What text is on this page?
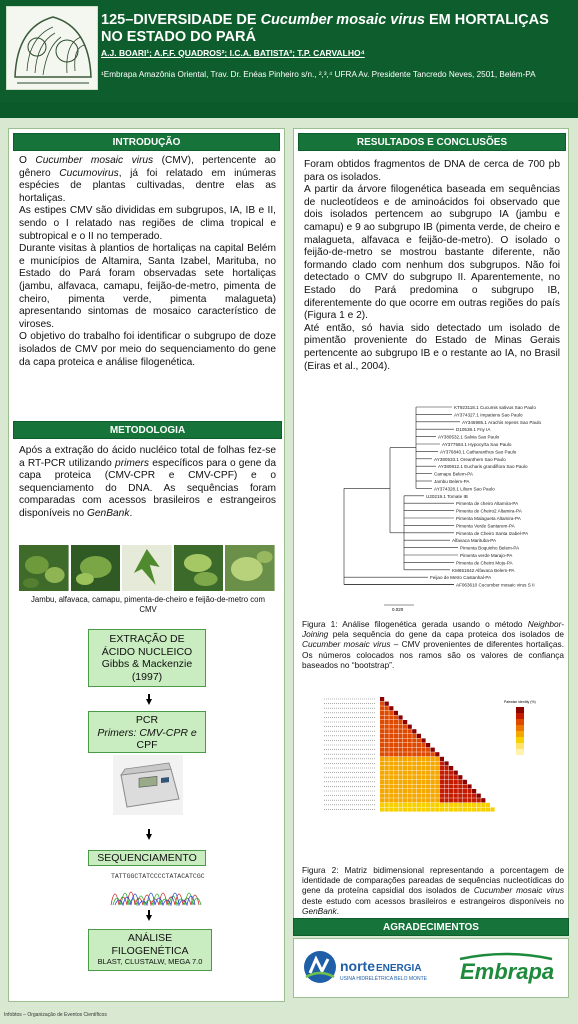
125–DIVERSIDADE DE Cucumber mosaic virus EM HORTALIÇAS NO ESTADO DO PARÁ
A.J. BOARI¹; A.F.F. QUADROS²; I.C.A. BATISTA³; T.P. CARVALHO⁴
¹Embrapa Amazônia Oriental, Trav. Dr. Enéas Pinheiro s/n., ²,³,⁴ UFRA Av. Presidente Tancredo Neves, 2501, Belém-PA
INTRODUÇÃO

O Cucumber mosaic virus (CMV), pertencente ao gênero Cucumovirus, já foi relatado em inúmeras espécies de plantas cultivadas, dentre elas as hortaliças.

As estipes CMV são divididas em subgrupos, IA, IB e II, sendo o I relatado nas regiões de clima tropical e subtropical e o II no temperado.

Durante visitas à plantios de hortaliças na capital Belém e municípios de Altamira, Santa Izabel, Marituba, no Estado do Pará foram observadas sete hortaliças (jambu, alfavaca, camapu, feijão-de-metro, pimenta de cheiro, pimenta verde, pimenta malagueta) apresentando sintomas de mosaico característico de viroses.

O objetivo do trabalho foi identificar o subgrupo de doze isolados de CMV por meio do sequenciamento do gene da capa proteica e análise filogenética.

METODOLOGIA

Após a extração do ácido nucléico total de folhas fez-se a RT-PCR utilizando primers específicos para o gene da capa proteica (CMV-CPR e CMV-CPF) e o sequenciamento do DNA. As sequências foram comparadas com acessos brasileiros e estrangeiros disponíveis no GenBank.

Jambu, alfavaca, camapu, pimenta-de-cheiro e feijão-de-metro com CMV
EXTRAÇÃO DE
ÁCIDO NUCLEICO
Gibbs & Mackenzie
(1997)
PCR
Primers: CMV-CPR e
CPF
SEQUENCIAMENTO
TATTGGCTATCCCCTATACATCGC
ANÁLISE
FILOGENÉTICA
BLAST, CLUSTALW, MEGA 7.0
RESULTADOS E CONCLUSÕES

Foram obtidos fragmentos de DNA de cerca de 700 pb para os isolados.

A partir da árvore filogenética baseada em sequências de nucleotídeos e de aminoácidos foi observado que dois isolados pertencem ao subgrupo IA (jambu e camapu) e 9 ao subgrupo IB (pimenta verde, de cheiro e malagueta, alfavaca e feijão-de-metro). O isolado o feijão-de-metro se mostrou bastante diferente, não formando clado com nenhum dos subgrupos. Não foi detectado o CMV do subgrupo II. Aparentemente, no Estado do Pará predomina o subgrupo IB, diferentemente do que ocorre em outras regiões do país (Figura 1 e 2).

Até então, só havia sido detectado um isolado de pimentão proveniente do Estado de Minas Gerais pertencente ao subgrupo IB e o restante ao IA, no Brasil (Eiras et al., 2004).

KT923118.1 Cucumis sativus Sao Paulo
AY374327.1 Impatiens Sao Paulo
AY345985.1 Arachis repens Sao Paulo
D10538.1 Fny IA
AY380532.1 Salvia Sao Paulo
AY377584.1 Hypocyrta Sao Paulo
AY376840.1 Catharanthus Sao Paulo
AY380533.1 Oreanthem Sao Paulo
AY380812.1 Eucharis grandiflora Sao Paulo
Camapu Belem-PA
Jambu Belem-PA
AY374328.1 Lilium Sao Paulo
U20219.1 Tomate IB
Pimenta de cheiro Altamira-PA
Pimenta de Cheiro2 Altamira-PA
Pimenta Malagueta Altamira-PA
Pimenta Verde Santarem-PA
Pimenta de Cheiro Santa Izabel-PA
Alfavaca Marituba-PA
Pimenta Boquinho Belem-PA
Pimenta verde Marajo-PA
Pimenta de Cheiro Moju-PA
KM651842 Alfavaca Belem-PA
Feijao de Metro Castanhal-PA
AF063610 Cucumber mosaic virus S II
0.020
Figura 1: Análise filogenética gerada usando o método Neighbor-Joining pela sequência do gene da capa proteica dos isolados de Cucumber mosaic virus – CMV provenientes de diferentes hortaliças. Os números colocados nos ramos são os valores de confiança baseados no “bootstrap”.
Pairwise identity (%)
Figura 2: Matriz bidimensional representando a porcentagem de identidade de comparações pareadas de sequências nucleotídicas do gene da proteína capsidial dos isolados de Cucumber mosaic virus deste estudo com acessos brasileiros e estrangeiros disponíveis no GenBank.
AGRADECIMENTOS
norteENERGIA
USINA HIDRELÉTRICA BELO MONTE Embrapa
Infobtos – Organização de Eventos Científicos
